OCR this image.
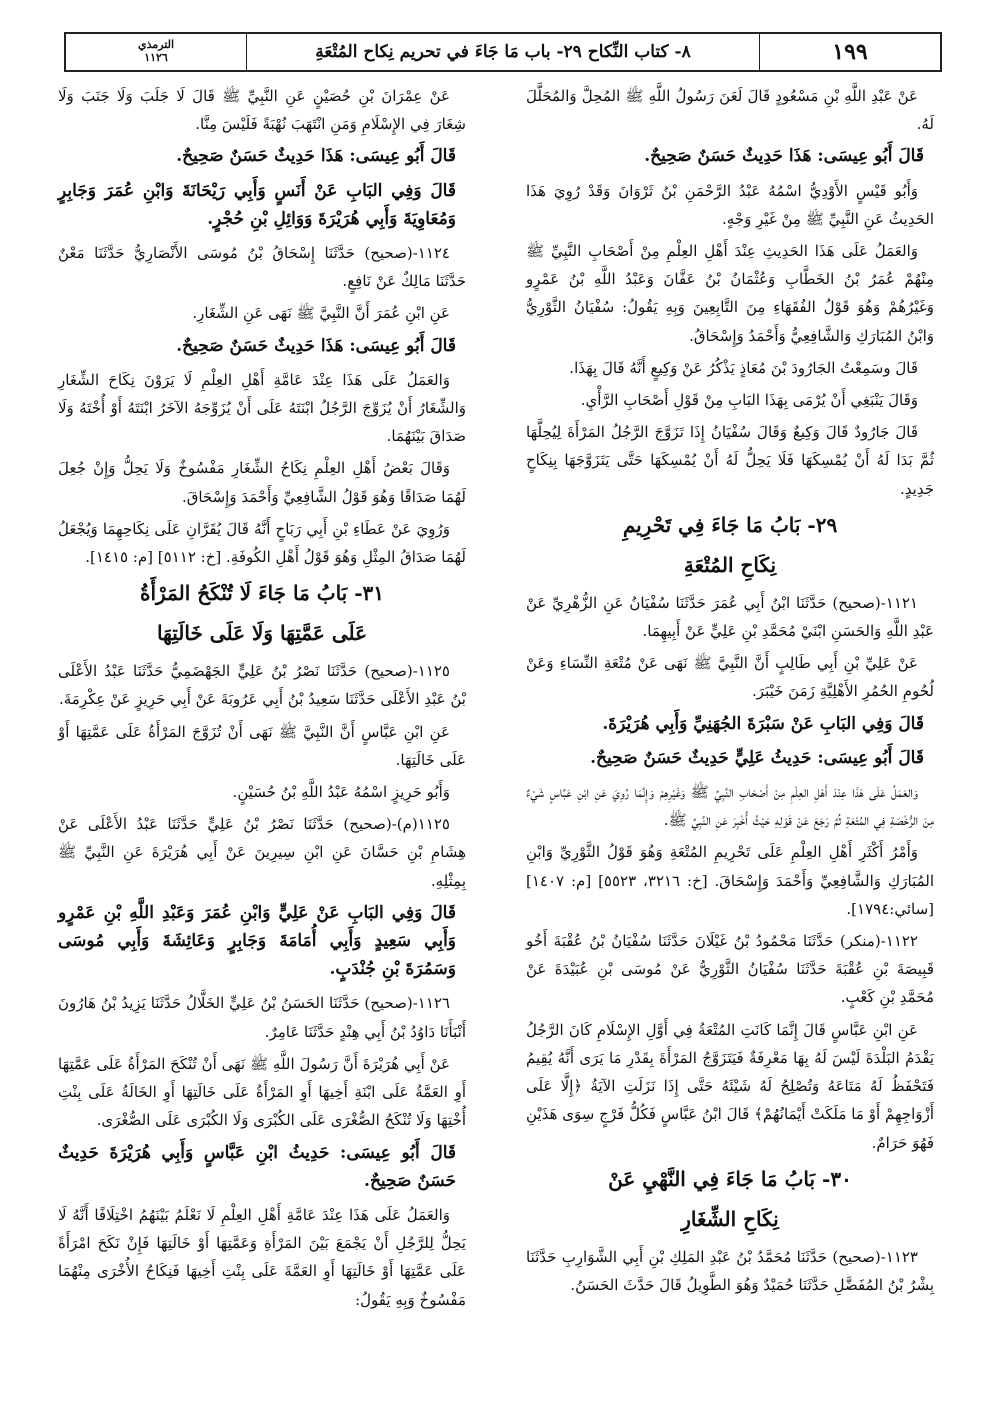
١٩٩
٨- كتاب النِّكاح ٢٩- باب مَا جَاءَ في تحريم نِكاح المُتْعَةِ
الترمذي
١١٢٦

عَنْ عَبْدِ اللَّهِ بْنِ مَسْعُودٍ قَالَ لَعَنَ رَسُولُ اللَّهِ ﷺ المُحِلَّ وَالمُحَلَّلَ لَهُ.

قَالَ أَبُو عِيسَى: هَذَا حَدِيثٌ حَسَنٌ صَحِيحٌ.

وَأَبُو قَيْسٍ الأَوْدِيُّ اسْمُهُ عَبْدُ الرَّحْمَنِ بْنُ ثَرْوَانَ وَقَدْ رُوِيَ هَذَا الحَدِيثُ عَنِ النَّبِيِّ ﷺ مِنْ غَيْرِ وَجْهٍ.

وَالعَمَلُ عَلَى هَذَا الحَدِيثِ عِنْدَ أَهْلِ العِلْمِ مِنْ أَصْحَابِ النَّبِيِّ ﷺ مِنْهُمْ عُمَرُ بْنُ الخَطَّابِ وَعُثْمَانُ بْنُ عَفَّانَ وَعَبْدُ اللَّهِ بْنُ عَمْرٍو وَغَيْرُهُمْ وَهُوَ قَوْلُ الفُقَهَاءِ مِنَ التَّابِعِينَ وَبِهِ يَقُولُ: سُفْيَانُ الثَّوْرِيُّ وَابْنُ المُبَارَكِ وَالشَّافِعِيُّ وَأَحْمَدُ وَإِسْحَاقُ.

قَالَ وسَمِعْتُ الجَارُودَ بْنَ مُعَاذٍ يَذْكُرُ عَنْ وَكِيعٍ أَنَّهُ قَالَ بِهَذَا.

وَقَالَ يَنْبَغِي أَنْ يُرْمَى بِهَذَا البَابِ مِنْ قَوْلِ أَصْحَابِ الرَّأْيِ.

قَالَ جَارُودٌ قَالَ وَكِيعٌ وَقَالَ سُفْيَانُ إِذَا تَزَوَّجَ الرَّجُلُ المَرْأَةَ لِيُحِلَّهَا ثُمَّ بَدَا لَهُ أَنْ يُمْسِكَهَا فَلَا يَحِلُّ لَهُ أَنْ يُمْسِكَهَا حَتَّى يَتَزَوَّجَهَا بِنِكَاحٍ جَدِيدٍ.

٢٩- بَابُ مَا جَاءَ فِي تَحْرِيمِ
نِكَاحِ المُتْعَةِ

١١٢١-(صحيح) حَدَّثَنَا ابْنُ أَبِي عُمَرَ حَدَّثَنَا سُفْيَانُ عَنِ الزُّهْرِيِّ عَنْ عَبْدِ اللَّهِ وَالحَسَنِ ابْنَيْ مُحَمَّدِ بْنِ عَلِيٍّ عَنْ أَبِيهِمَا.

عَنْ عَلِيِّ بْنِ أَبِي طَالِبٍ أَنَّ النَّبِيَّ ﷺ نَهَى عَنْ مُتْعَةِ النِّسَاءِ وَعَنْ لُحُومِ الحُمُرِ الأَهْلِيَّةِ زَمَنَ خَيْبَرَ.

قَالَ وَفِي البَابِ عَنْ سَبْرَةَ الجُهَنِيِّ وَأَبِي هُرَيْرَةَ.
قَالَ أَبُو عِيسَى: حَدِيثُ عَلِيٍّ حَدِيثٌ حَسَنٌ صَحِيحٌ.

وَالعَمَلُ عَلَى هَذَا عِنْدَ أَهْلِ العِلْمِ مِنْ أَصْحَابِ النَّبِيِّ ﷺ وَغَيْرِهِمْ وَإِنَّمَا رُوِيَ عَنِ ابْنِ عَبَّاسٍ شَيْءٌ مِنَ الرُّخْصَةِ فِي المُتْعَةِ ثُمَّ رَجَعَ عَنْ قَوْلِهِ حَيْثُ أُخْبِرَ عَنِ النَّبِيِّ ﷺ.

وَأَمْرُ أَكْثَرِ أَهْلِ العِلْمِ عَلَى تَحْرِيمِ المُتْعَةِ وَهُوَ قَوْلُ الثَّوْرِيِّ وَابْنِ المُبَارَكِ وَالشَّافِعِيِّ وَأَحْمَدَ وَإِسْحَاقَ. [خ: ٣٢١٦، ٥٥٢٣] [م: ١٤٠٧] [سائي:١٧٩٤].

١١٢٢-(منكر) حَدَّثَنَا مَحْمُودُ بْنُ غَيْلَانَ حَدَّثَنَا سُفْيَانُ بْنُ عُقْبَةَ أَخُو قَبِيصَةَ بْنِ عُقْبَةَ حَدَّثَنَا سُفْيَانُ الثَّوْرِيُّ عَنْ مُوسَى بْنِ عُبَيْدَةَ عَنْ مُحَمَّدِ بْنِ كَعْبٍ.

عَنِ ابْنِ عَبَّاسٍ قَالَ إِنَّمَا كَانَتِ المُتْعَةُ فِي أَوَّلِ الإِسْلَامِ كَانَ الرَّجُلُ يَقْدَمُ البَلْدَةَ لَيْسَ لَهُ بِهَا مَعْرِفَةٌ فَيَتَزَوَّجُ المَرْأَةَ بِقَدْرِ مَا يَرَى أَنَّهُ يُقِيمُ فَتَحْفَظُ لَهُ مَتَاعَهُ وَتُصْلِحُ لَهُ شَيْئَهُ حَتَّى إِذَا نَزَلَتِ الآيَةُ ﴿إِلَّا عَلَى أَزْوَاجِهِمْ أَوْ مَا مَلَكَتْ أَيْمَانُهُمْ﴾ قَالَ ابْنُ عَبَّاسٍ فَكُلُّ فَرْجٍ سِوَى هَذَيْنِ فَهُوَ حَرَامٌ.

٣٠- بَابُ مَا جَاءَ فِي النَّهْيِ عَنْ
نِكَاحِ الشِّغَارِ

١١٢٣-(صحيح) حَدَّثَنَا مُحَمَّدُ بْنُ عَبْدِ المَلِكِ بْنِ أَبِي الشَّوَارِبِ حَدَّثَنَا بِشْرُ بْنُ المُفَضَّلِ حَدَّثَنَا حُمَيْدٌ وَهُوَ الطَّوِيلُ قَالَ حَدَّثَ الحَسَنُ.

عَنْ عِمْرَانَ بْنِ حُصَيْنٍ عَنِ النَّبِيِّ ﷺ قَالَ لَا جَلَبَ وَلَا جَنَبَ وَلَا شِغَارَ فِي الإِسْلَامِ وَمَنِ انْتَهَبَ نُهْبَةً فَلَيْسَ مِنَّا.

قَالَ أَبُو عِيسَى: هَذَا حَدِيثٌ حَسَنٌ صَحِيحٌ.
قَالَ وَفِي البَابِ عَنْ أَنَسٍ وَأَبِي رَيْحَانَةَ وَابْنِ عُمَرَ وَجَابِرٍ وَمُعَاوِيَةَ وَأَبِي هُرَيْرَةَ وَوَائِلِ بْنِ حُجْرٍ.

١١٢٤-(صحيح) حَدَّثَنَا إِسْحَاقُ بْنُ مُوسَى الأَنْصَارِيُّ حَدَّثَنَا مَعْنٌ حَدَّثَنَا مَالِكٌ عَنْ نَافِعٍ.

عَنِ ابْنِ عُمَرَ أَنَّ النَّبِيَّ ﷺ نَهَى عَنِ الشِّغَارِ.

قَالَ أَبُو عِيسَى: هَذَا حَدِيثٌ حَسَنٌ صَحِيحٌ.

وَالعَمَلُ عَلَى هَذَا عِنْدَ عَامَّةِ أَهْلِ العِلْمِ لَا يَرَوْنَ نِكَاحَ الشِّغَارِ وَالشِّغَارُ أَنْ يُزَوِّجَ الرَّجُلُ ابْنَتَهُ عَلَى أَنْ يُزَوِّجَهُ الآخَرُ ابْنَتَهُ أَوْ أُخْتَهُ وَلَا صَدَاقَ بَيْنَهُمَا.

وَقَالَ بَعْضُ أَهْلِ العِلْمِ نِكَاحُ الشِّغَارِ مَفْسُوخٌ وَلَا يَحِلُّ وَإِنْ جُعِلَ لَهُمَا صَدَاقًا وَهُوَ قَوْلُ الشَّافِعِيِّ وَأَحْمَدَ وَإِسْحَاقَ.

وَرُوِيَ عَنْ عَطَاءِ بْنِ أَبِي رَبَاحٍ أَنَّهُ قَالَ يُقَرَّانِ عَلَى نِكَاحِهِمَا وَيُجْعَلُ لَهُمَا صَدَاقُ المِثْلِ وَهُوَ قَوْلُ أَهْلِ الكُوفَةِ. [خ: ٥١١٢] [م: ١٤١٥].

٣١- بَابُ مَا جَاءَ لَا تُنْكَحُ المَرْأَةُ
عَلَى عَمَّتِهَا وَلَا عَلَى خَالَتِهَا

١١٢٥-(صحيح) حَدَّثَنَا نَصْرُ بْنُ عَلِيٍّ الجَهْضَمِيُّ حَدَّثَنَا عَبْدُ الأَعْلَى بْنُ عَبْدِ الأَعْلَى حَدَّثَنَا سَعِيدُ بْنُ أَبِي عَرُوبَةَ عَنْ أَبِي حَرِيزٍ عَنْ عِكْرِمَةَ.

عَنِ ابْنِ عَبَّاسٍ أَنَّ النَّبِيَّ ﷺ نَهَى أَنْ تُزَوَّجَ المَرْأَةُ عَلَى عَمَّتِهَا أَوْ عَلَى خَالَتِهَا.

وَأَبُو حَرِيزٍ اسْمُهُ عَبْدُ اللَّهِ بْنُ حُسَيْنٍ.

١١٢٥(م)-(صحيح) حَدَّثَنَا نَصْرُ بْنُ عَلِيٍّ حَدَّثَنَا عَبْدُ الأَعْلَى عَنْ هِشَامِ بْنِ حَسَّانَ عَنِ ابْنِ سِيرِينَ عَنْ أَبِي هُرَيْرَةَ عَنِ النَّبِيِّ ﷺ بِمِثْلِهِ.

قَالَ وَفِي البَابِ عَنْ عَلِيٍّ وَابْنِ عُمَرَ وَعَبْدِ اللَّهِ بْنِ عَمْرٍو وَأَبِي سَعِيدٍ وَأَبِي أُمَامَةَ وَجَابِرٍ وَعَائِشَةَ وَأَبِي مُوسَى وَسَمُرَةَ بْنِ جُنْدَبٍ.

١١٢٦-(صحيح) حَدَّثَنَا الحَسَنُ بْنُ عَلِيٍّ الخَلَّالُ حَدَّثَنَا يَزِيدُ بْنُ هَارُونَ أَنْبَأَنَا دَاوُدُ بْنُ أَبِي هِنْدٍ حَدَّثَنَا عَامِرٌ.

عَنْ أَبِي هُرَيْرَةَ أَنَّ رَسُولَ اللَّهِ ﷺ نَهَى أَنْ تُنْكَحَ المَرْأَةُ عَلَى عَمَّتِهَا أَوِ العَمَّةُ عَلَى ابْنَةِ أَخِيهَا أَوِ المَرْأَةُ عَلَى خَالَتِهَا أَوِ الخَالَةُ عَلَى بِنْتِ أُخْتِهَا وَلَا تُنْكَحُ الصُّغْرَى عَلَى الكُبْرَى وَلَا الكُبْرَى عَلَى الصُّغْرَى.

قَالَ أَبُو عِيسَى: حَدِيثُ ابْنِ عَبَّاسٍ وَأَبِي هُرَيْرَةَ حَدِيثٌ حَسَنٌ صَحِيحٌ.

وَالعَمَلُ عَلَى هَذَا عِنْدَ عَامَّةِ أَهْلِ العِلْمِ لَا نَعْلَمُ بَيْنَهُمُ اخْتِلَافًا أَنَّهُ لَا يَحِلُّ لِلرَّجُلِ أَنْ يَجْمَعَ بَيْنَ المَرْأَةِ وَعَمَّتِهَا أَوْ خَالَتِهَا فَإِنْ نَكَحَ امْرَأَةً عَلَى عَمَّتِهَا أَوْ خَالَتِهَا أَوِ العَمَّةَ عَلَى بِنْتِ أَخِيهَا فَنِكَاحُ الأُخْرَى مِنْهُمَا مَفْسُوخٌ وَبِهِ يَقُولُ:
